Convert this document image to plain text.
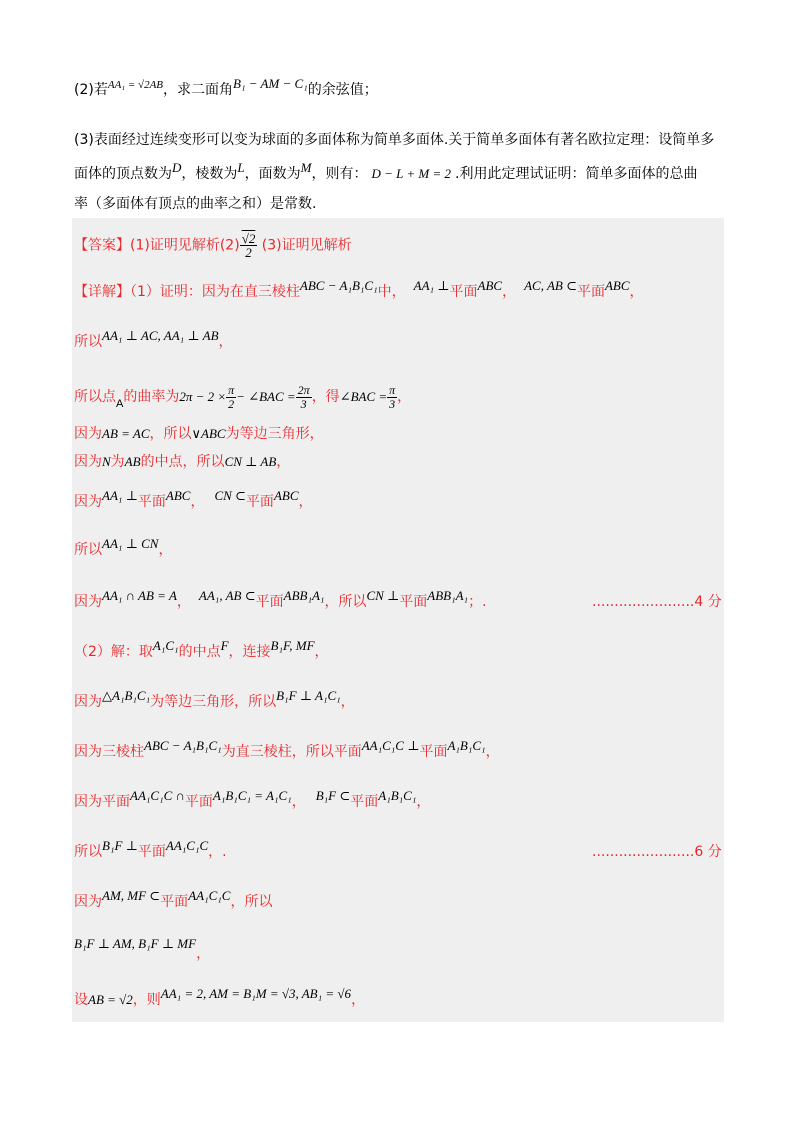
(2)若$^{AA_1 = √2AB}$，求二面角B₁ − AM − C₁的余弦值；
(3)表面经过连续变形可以变为球面的多面体称为简单多面体.关于简单多面体有著名欧拉定理：设简单多
面体的顶点数为D，棱数为L，面数为M，则有： D − L + M = 2 .利用此定理试证明：简单多面体的总曲
率（多面体有顶点的曲率之和）是常数.
【答案】(1)证明见解析$(2) \frac{√2}{2} (3)$证明见解析
【详解】（1）证明：因为在直三棱柱ABC − A₁B₁C₁中， AA₁ ⊥平面ABC， AC, AB ⊂平面ABC，
所以AA₁ ⊥ AC, AA₁ ⊥ AB，
所以点$_A$的曲率为$2\pi - 2 \times \frac{\pi}{2}$ − ∠BAC = $\frac{2\pi}{3}$ ，得∠BAC = $\frac{\pi}{3}$ ，
因为AB = AC，所以∨ABC为等边三角形，
因为N为AB的中点，所以CN ⊥ AB，
因为AA₁ ⊥平面ABC， CN ⊂平面ABC，
所以AA₁ ⊥ CN，
因为AA₁ ∩ AB = A， AA₁, AB ⊂平面ABB₁A₁，所以CN ⊥平面ABB₁A₁；.	.......................4 分
（2）解：取A₁C₁的中点F，连接B₁F, MF，
因为△A₁B₁C₁为等边三角形，所以B₁F ⊥ A₁C₁，
因为三棱柱ABC − A₁B₁C₁为直三棱柱，所以平面AA₁C₁C ⊥平面A₁B₁C₁，
因为平面AA₁C₁C ∩平面A₁B₁C₁ = A₁C₁， B₁F ⊂平面A₁B₁C₁，
所以B₁F ⊥平面AA₁C₁C，.	.......................6 分
因为AM, MF ⊂平面AA₁C₁C，所以
B₁F ⊥ AM, B₁F ⊥ MF，
设AB = √2，则AA₁ = 2, AM = B₁M = √3, AB₁ = √6，
